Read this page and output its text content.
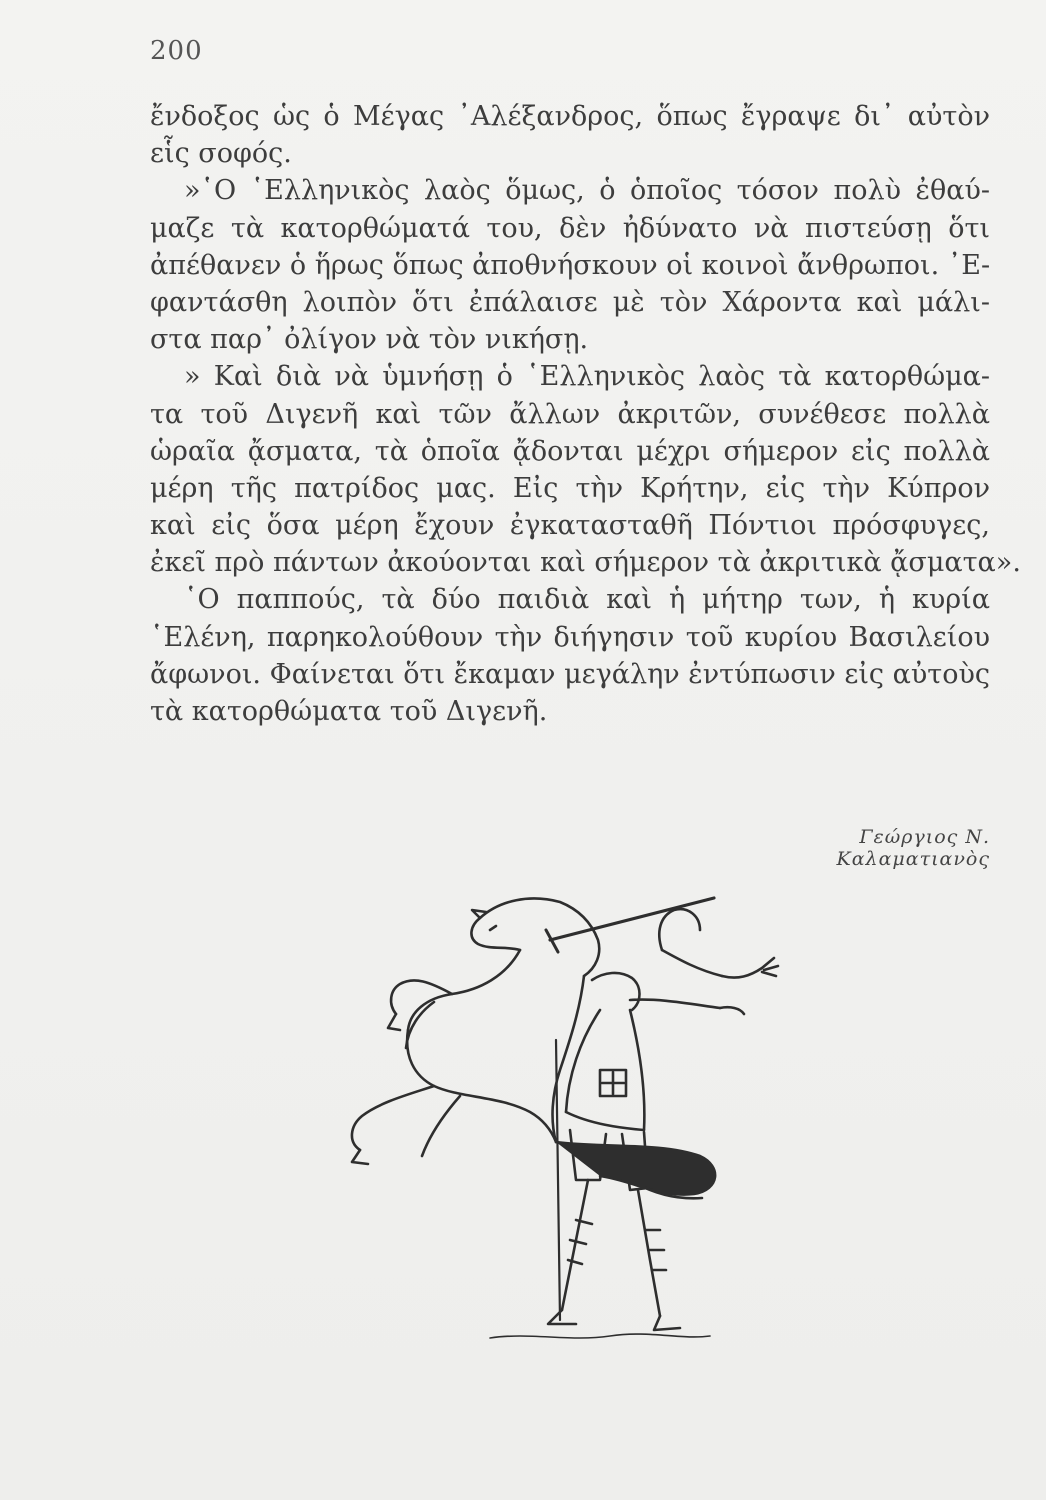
200
ἔνδοξος ὡς ὁ Μέγας ᾿Αλέξανδρος, ὅπως ἔγραψε δι᾿ αὐτὸν
εἷς σοφός.
»῾Ο ῾Ελληνικὸς λαὸς ὅμως, ὁ ὁποῖος τόσον πολὺ ἐθαύ-
μαζε τὰ κατορθώματά του, δὲν ἠδύνατο νὰ πιστεύσῃ ὅτι
ἀπέθανεν ὁ ἥρως ὅπως ἀποθνήσκουν οἱ κοινοὶ ἄνθρωποι. ᾿Ε-
φαντάσθη λοιπὸν ὅτι ἐπάλαισε μὲ τὸν Χάροντα καὶ μάλι-
στα παρ᾿ ὀλίγον νὰ τὸν νικήσῃ.
» Καὶ διὰ νὰ ὑμνήσῃ ὁ ῾Ελληνικὸς λαὸς τὰ κατορθώμα-
τα τοῦ Διγενῆ καὶ τῶν ἄλλων ἀκριτῶν, συνέθεσε πολλὰ
ὡραῖα ᾄσματα, τὰ ὁποῖα ᾄδονται μέχρι σήμερον εἰς πολλὰ
μέρη τῆς πατρίδος μας. Εἰς τὴν Κρήτην, εἰς τὴν Κύπρον
καὶ εἰς ὅσα μέρη ἔχουν ἐγκατασταθῆ Πόντιοι πρόσφυγες,
ἐκεῖ πρὸ πάντων ἀκούονται καὶ σήμερον τὰ ἀκριτικὰ ᾄσματα».
῾Ο παππούς, τὰ δύο παιδιὰ καὶ ἡ μήτηρ των, ἡ κυρία
῾Ελένη, παρηκολούθουν τὴν διήγησιν τοῦ κυρίου Βασιλείου
ἄφωνοι. Φαίνεται ὅτι ἔκαμαν μεγάλην ἐντύπωσιν εἰς αὐτοὺς
τὰ κατορθώματα τοῦ Διγενῆ.
Γεώργιος Ν. Καλαματιανὸς
